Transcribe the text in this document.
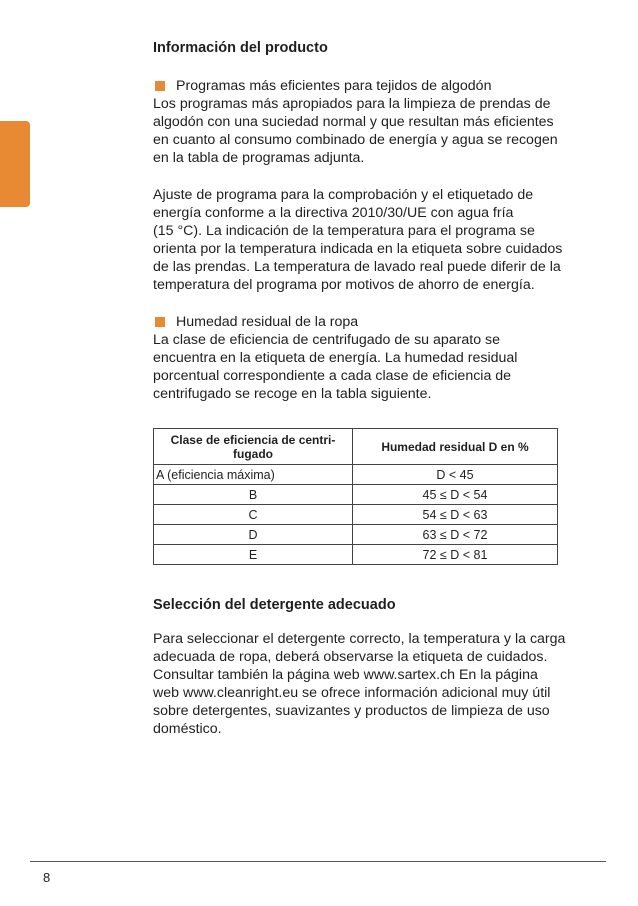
Información del producto
Programas más eficientes para tejidos de algodón

Los programas más apropiados para la limpieza de prendas de

algodón con una suciedad normal y que resultan más eficientes

en cuanto al consumo combinado de energía y agua se recogen

en la tabla de programas adjunta.

Ajuste de programa para la comprobación y el etiquetado de

energía conforme a la directiva 2010/30/UE con agua fría

(15 °C). La indicación de la temperatura para el programa se

orienta por la temperatura indicada en la etiqueta sobre cuidados

de las prendas. La temperatura de lavado real puede diferir de la

temperatura del programa por motivos de ahorro de energía.

Humedad residual de la ropa

La clase de eficiencia de centrifugado de su aparato se

encuentra en la etiqueta de energía. La humedad residual

porcentual correspondiente a cada clase de eficiencia de

centrifugado se recoge en la tabla siguiente.

Clase de eficiencia de centri-
fugado	Humedad residual D en %
A (eficiencia máxima)	D < 45
B	45 ≤ D < 54
C	54 ≤ D < 63
D	63 ≤ D < 72
E	72 ≤ D < 81
Selección del detergente adecuado

Para seleccionar el detergente correcto, la temperatura y la carga

adecuada de ropa, deberá observarse la etiqueta de cuidados.

Consultar también la página web www.sartex.ch En la página

web www.cleanright.eu se ofrece información adicional muy útil

sobre detergentes, suavizantes y productos de limpieza de uso

doméstico.

8
